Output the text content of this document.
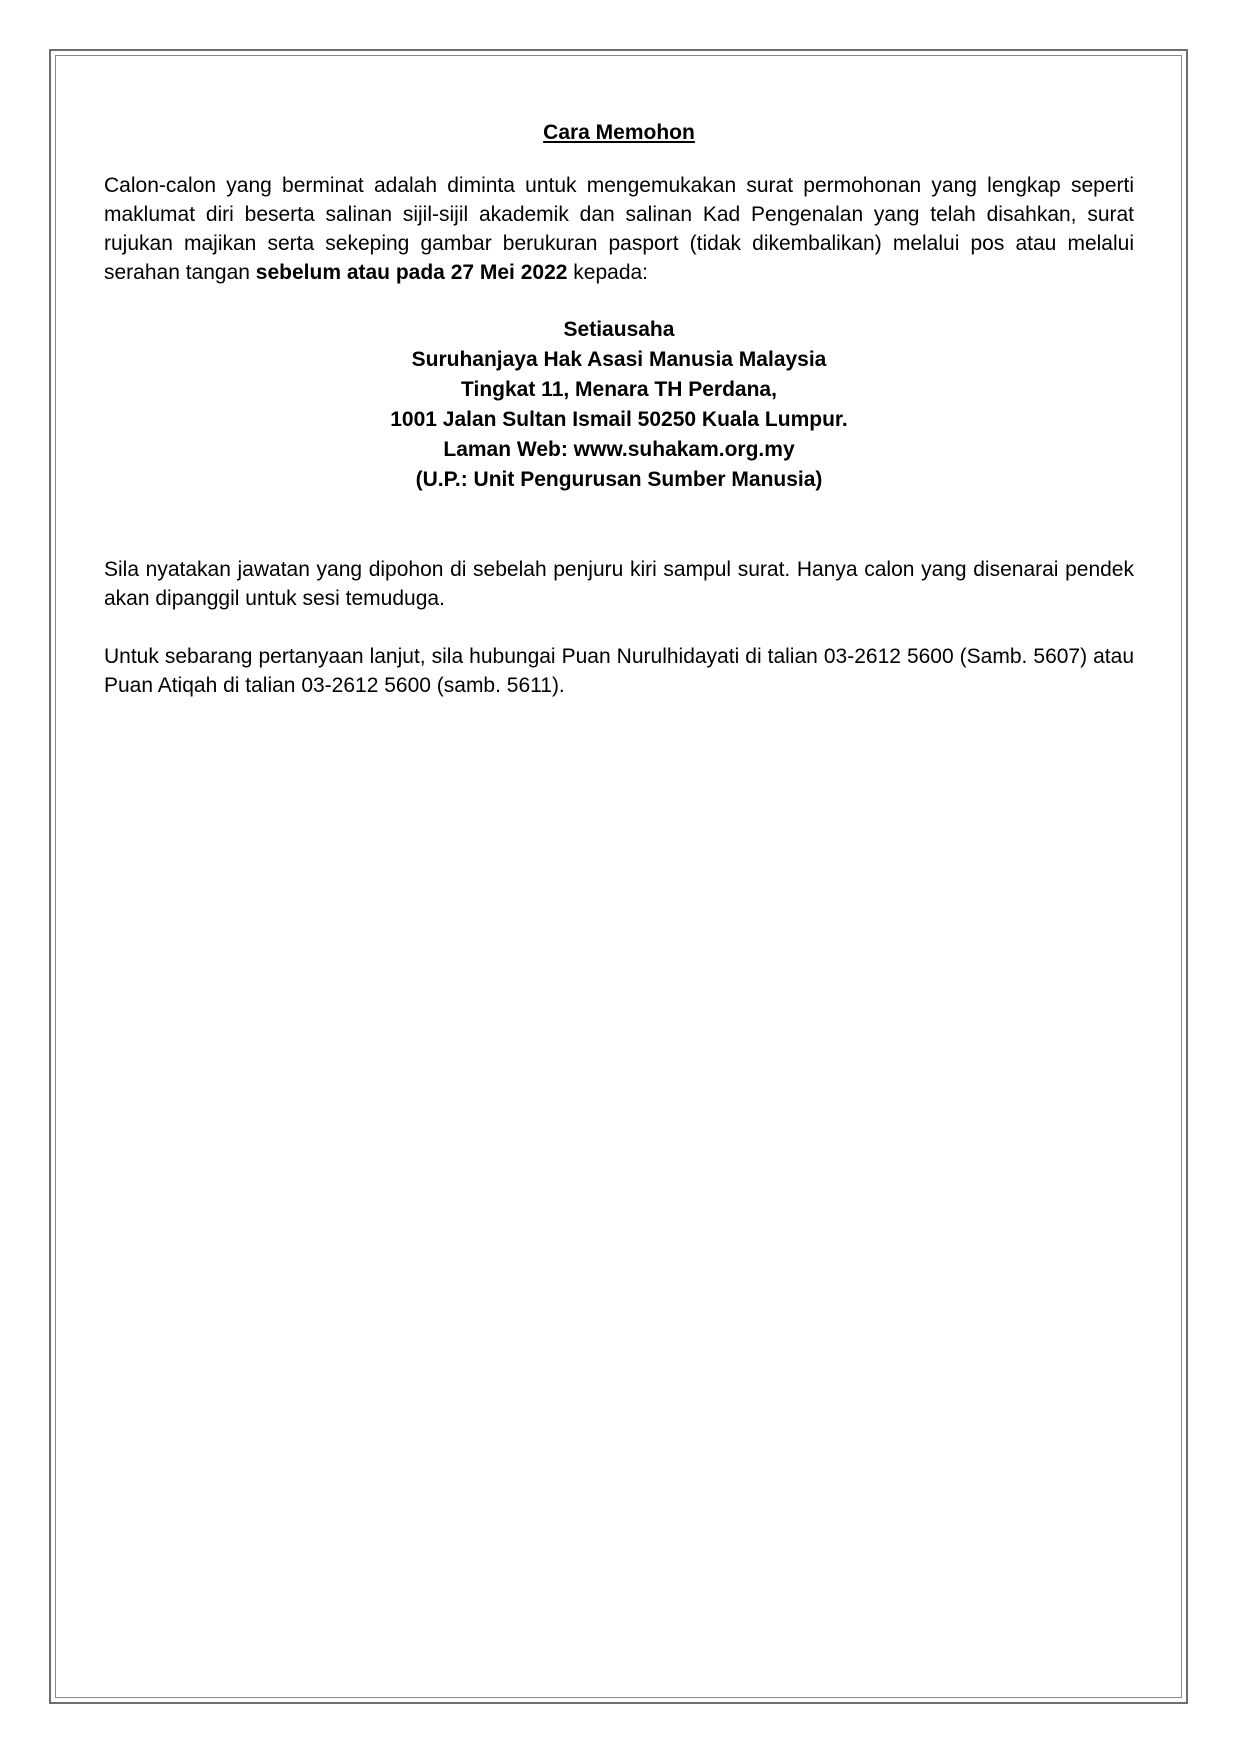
Cara Memohon

Calon-calon yang berminat adalah diminta untuk mengemukakan surat permohonan yang lengkap seperti maklumat diri beserta salinan sijil-sijil akademik dan salinan Kad Pengenalan yang telah disahkan, surat rujukan majikan serta sekeping gambar berukuran pasport (tidak dikembalikan) melalui pos atau melalui serahan tangan sebelum atau pada 27 Mei 2022 kepada:

Setiausaha
Suruhanjaya Hak Asasi Manusia Malaysia
Tingkat 11, Menara TH Perdana,
1001 Jalan Sultan Ismail 50250 Kuala Lumpur.
Laman Web: www.suhakam.org.my
(U.P.: Unit Pengurusan Sumber Manusia)

Sila nyatakan jawatan yang dipohon di sebelah penjuru kiri sampul surat. Hanya calon yang disenarai pendek akan dipanggil untuk sesi temuduga.

Untuk sebarang pertanyaan lanjut, sila hubungai Puan Nurulhidayati di talian 03-2612 5600 (Samb. 5607) atau Puan Atiqah di talian 03-2612 5600 (samb. 5611).
